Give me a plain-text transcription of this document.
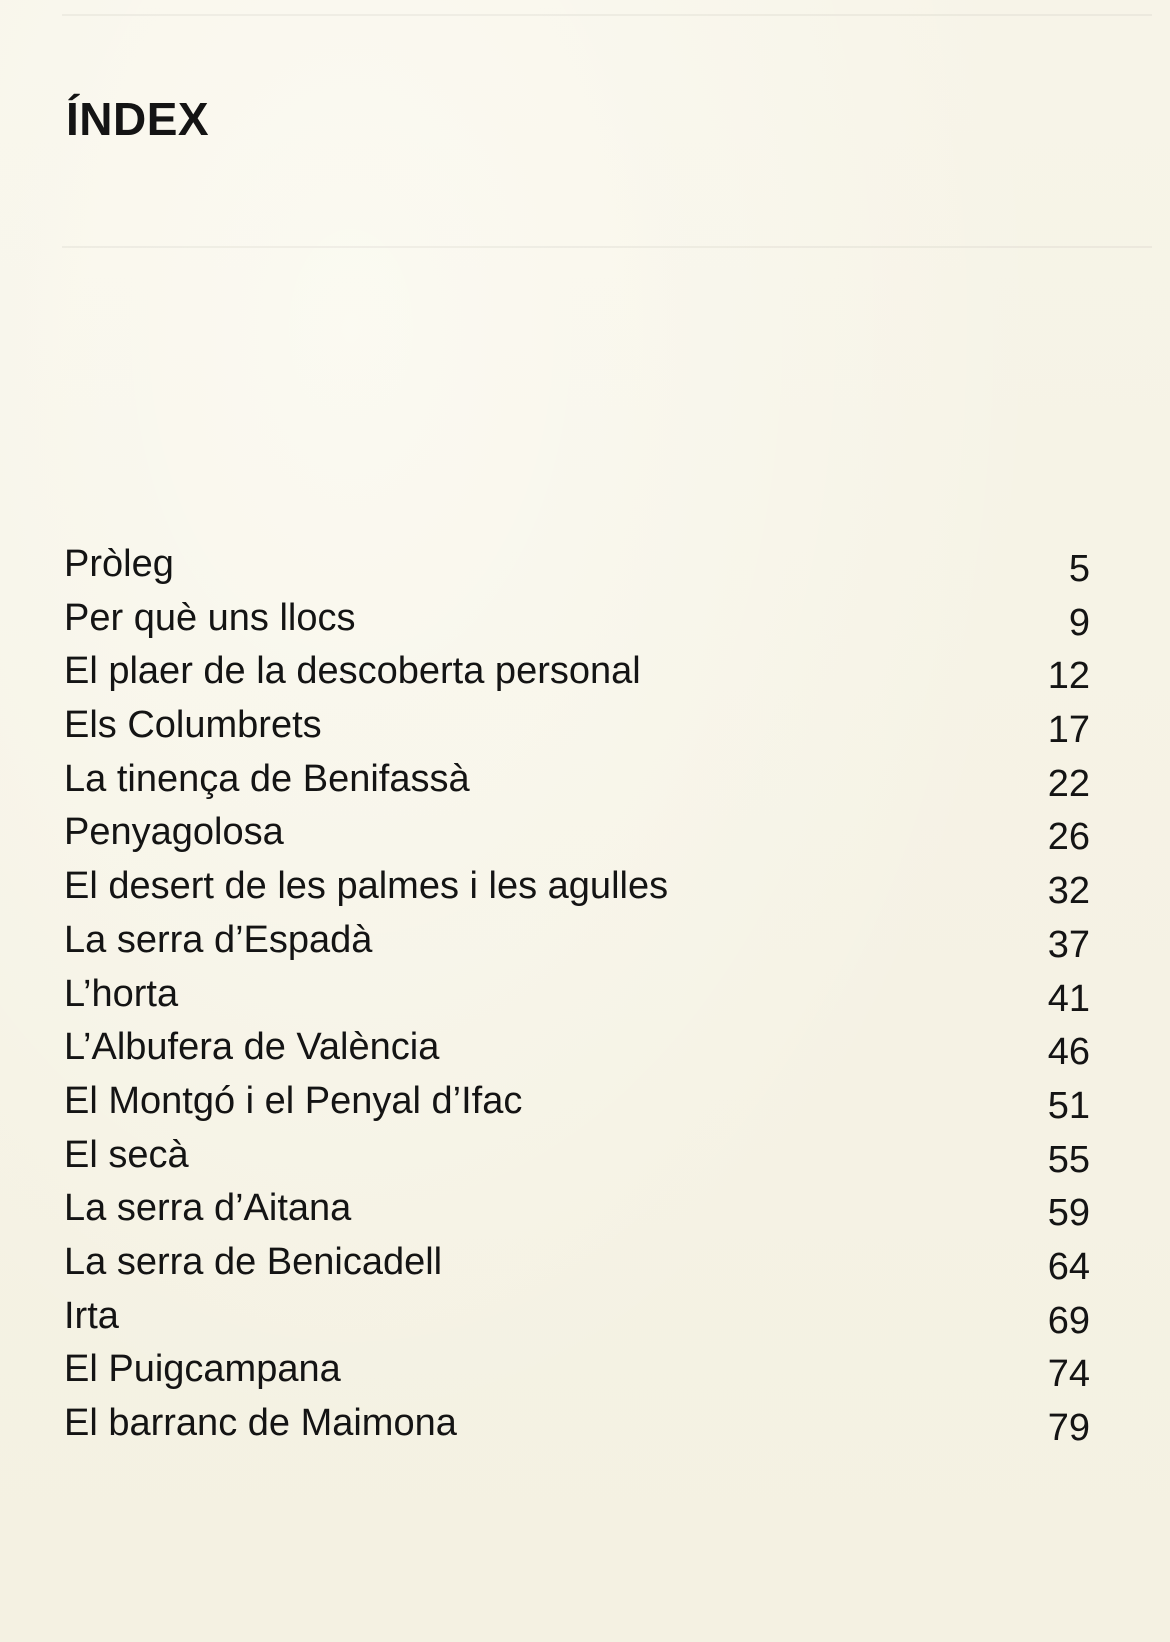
ÍNDEX
Pròleg	5
Per què uns llocs	9
El plaer de la descoberta personal	12
Els Columbrets	17
La tinença de Benifassà	22
Penyagolosa	26
El desert de les palmes i les agulles	32
La serra d’Espadà	37
L’horta	41
L’Albufera de València	46
El Montgó i el Penyal d’Ifac	51
El secà	55
La serra d’Aitana	59
La serra de Benicadell	64
Irta	69
El Puigcampana	74
El barranc de Maimona	79
